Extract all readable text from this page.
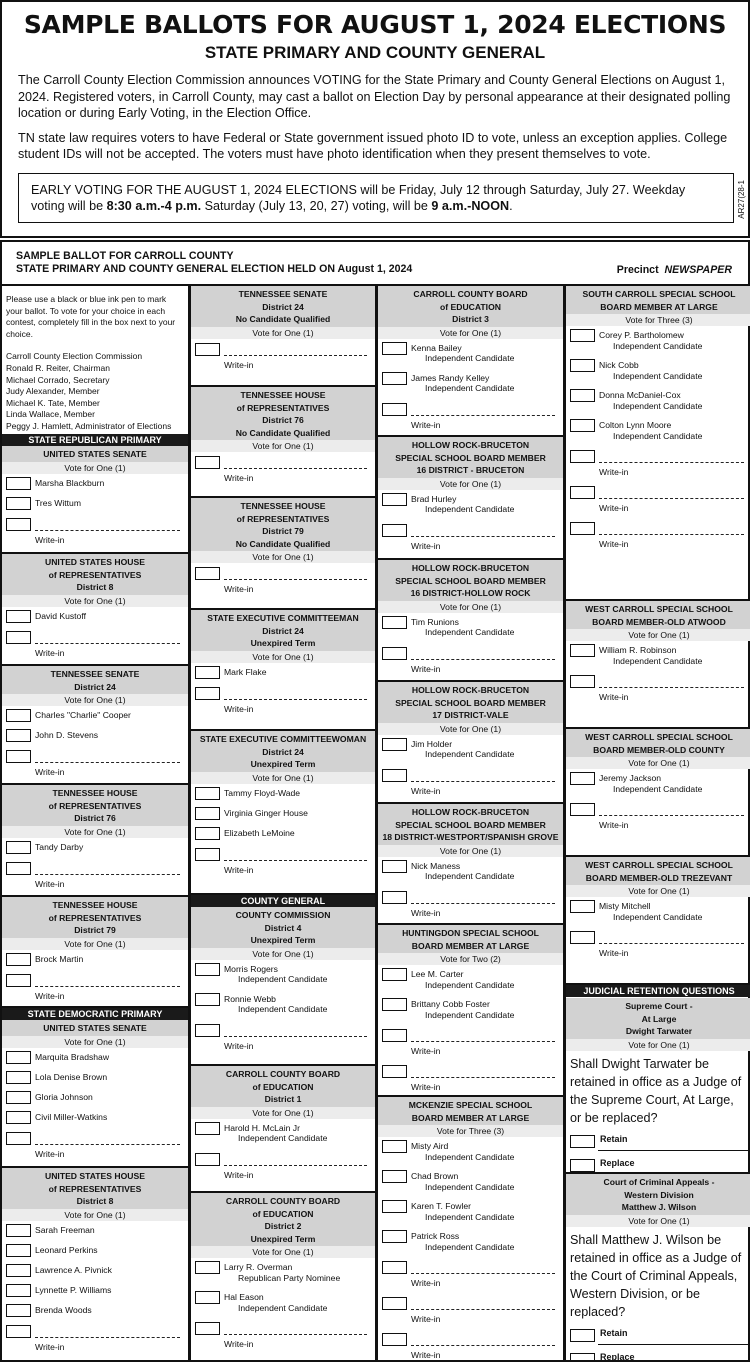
SAMPLE BALLOTS FOR AUGUST 1, 2024 ELECTIONS
STATE PRIMARY AND COUNTY GENERAL

The Carroll County Election Commission announces VOTING for the State Primary and County General Elections on August 1, 2024. Registered voters, in Carroll County, may cast a ballot on Election Day by personal appearance at their designated polling location or during Early Voting, in the Election Office.

TN state law requires voters to have Federal or State government issued photo ID to vote, unless an exception applies. College student IDs will not be accepted. The voters must have photo identification when they present themselves to vote.

EARLY VOTING FOR THE AUGUST 1, 2024 ELECTIONS will be Friday, July 12 through Saturday, July 27. Weekday voting will be 8:30 a.m.-4 p.m. Saturday (July 13, 20, 27) voting, will be 9 a.m.-NOON.	AR27(28-1
SAMPLE BALLOT FOR CARROLL COUNTY
STATE PRIMARY AND COUNTY GENERAL ELECTION HELD ON August 1, 2024	Precinct NEWSPAPER

Please use a black or blue ink pen to mark your ballot. To vote for your choice in each contest, completely fill in the box next to your choice.

Carroll County Election Commission
Ronald R. Reiter, Chairman
Michael Corrado, Secretary
Judy Alexander, Member
Michael K. Tate, Member
Linda Wallace, Member
Peggy J. Hamlett, Administrator of Elections
STATE REPUBLICAN PRIMARY
UNITED STATES SENATE
Vote for One (1)
Marsha Blackburn
Tres Wittum
Write-in
UNITED STATES HOUSE
of REPRESENTATIVES
District 8
Vote for One (1)
David Kustoff
Write-in
TENNESSEE SENATE
District 24
Vote for One (1)
Charles "Charlie" Cooper
John D. Stevens
Write-in
TENNESSEE HOUSE
of REPRESENTATIVES
District 76
Vote for One (1)
Tandy Darby
Write-in
TENNESSEE HOUSE
of REPRESENTATIVES
District 79
Vote for One (1)
Brock Martin
Write-in
STATE DEMOCRATIC PRIMARY
UNITED STATES SENATE
Vote for One (1)
Marquita Bradshaw
Lola Denise Brown
Gloria Johnson
Civil Miller-Watkins
Write-in
UNITED STATES HOUSE
of REPRESENTATIVES
District 8
Vote for One (1)
Sarah Freeman
Leonard Perkins
Lawrence A. Pivnick
Lynnette P. Williams
Brenda Woods
Write-in
TENNESSEE SENATE
District 24
No Candidate Qualified
Vote for One (1)
Write-in
TENNESSEE HOUSE
of REPRESENTATIVES
District 76
No Candidate Qualified
Vote for One (1)
Write-in
TENNESSEE HOUSE
of REPRESENTATIVES
District 79
No Candidate Qualified
Vote for One (1)
Write-in
STATE EXECUTIVE COMMITTEEMAN
District 24
Unexpired Term
Vote for One (1)
Mark Flake
Write-in
STATE EXECUTIVE COMMITTEEWOMAN
District 24
Unexpired Term
Vote for One (1)
Tammy Floyd-Wade
Virginia Ginger House
Elizabeth LeMoine
Write-in
COUNTY GENERAL
COUNTY COMMISSION
District 4
Unexpired Term
Vote for One (1)
Morris Rogers
Independent Candidate
Ronnie Webb
Independent Candidate
Write-in
CARROLL COUNTY BOARD
of EDUCATION
District 1
Vote for One (1)
Harold H. McLain Jr
Independent Candidate
Write-in
CARROLL COUNTY BOARD
of EDUCATION
District 2
Unexpired Term
Vote for One (1)
Larry R. Overman
Republican Party Nominee
Hal Eason
Independent Candidate
Write-in
CARROLL COUNTY BOARD
of EDUCATION
District 3
Vote for One (1)
Kenna Bailey
Independent Candidate
James Randy Kelley
Independent Candidate
Write-in
HOLLOW ROCK-BRUCETON
SPECIAL SCHOOL BOARD MEMBER
16 DISTRICT - BRUCETON
Vote for One (1)
Brad Hurley
Independent Candidate
Write-in
HOLLOW ROCK-BRUCETON
SPECIAL SCHOOL BOARD MEMBER
16 DISTRICT-HOLLOW ROCK
Vote for One (1)
Tim Runions
Independent Candidate
Write-in
HOLLOW ROCK-BRUCETON
SPECIAL SCHOOL BOARD MEMBER
17 DISTRICT-VALE
Vote for One (1)
Jim Holder
Independent Candidate
Write-in
HOLLOW ROCK-BRUCETON
SPECIAL SCHOOL BOARD MEMBER
18 DISTRICT-WESTPORT/SPANISH GROVE
Vote for One (1)
Nick Maness
Independent Candidate
Write-in
HUNTINGDON SPECIAL SCHOOL
BOARD MEMBER AT LARGE
Vote for Two (2)
Lee M. Carter
Independent Candidate
Brittany Cobb Foster
Independent Candidate
Write-in
Write-in
MCKENZIE SPECIAL SCHOOL
BOARD MEMBER AT LARGE
Vote for Three (3)
Misty Aird
Independent Candidate
Chad Brown
Independent Candidate
Karen T. Fowler
Independent Candidate
Patrick Ross
Independent Candidate
Write-in
Write-in
Write-in
SOUTH CARROLL SPECIAL SCHOOL
BOARD MEMBER AT LARGE
Vote for Three (3)
Corey P. Bartholomew
Independent Candidate
Nick Cobb
Independent Candidate
Donna McDaniel-Cox
Independent Candidate
Colton Lynn Moore
Independent Candidate
Write-in
Write-in
Write-in
WEST CARROLL SPECIAL SCHOOL
BOARD MEMBER-OLD ATWOOD
Vote for One (1)
William R. Robinson
Independent Candidate
Write-in
WEST CARROLL SPECIAL SCHOOL
BOARD MEMBER-OLD COUNTY
Vote for One (1)
Jeremy Jackson
Independent Candidate
Write-in
WEST CARROLL SPECIAL SCHOOL
BOARD MEMBER-OLD TREZEVANT
Vote for One (1)
Misty Mitchell
Independent Candidate
Write-in
JUDICIAL RETENTION QUESTIONS
Supreme Court -
At Large
Dwight Tarwater
Vote for One (1)
Shall Dwight Tarwater be retained in office as a Judge of the Supreme Court, At Large, or be replaced?
Retain
Replace
Court of Criminal Appeals -
Western Division
Matthew J. Wilson
Vote for One (1)
Shall Matthew J. Wilson be retained in office as a Judge of the Court of Criminal Appeals, Western Division, or be replaced?
Retain
Replace
